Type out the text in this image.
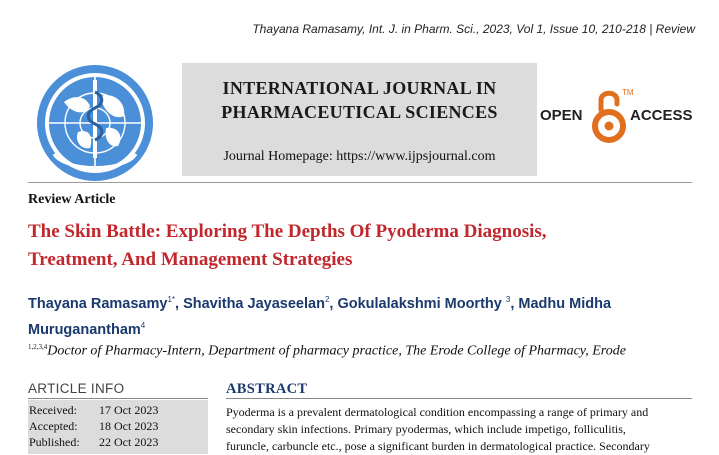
Thayana Ramasamy, Int. J. in Pharm. Sci., 2023, Vol 1, Issue 10, 210-218 | Review
INTERNATIONAL JOURNAL IN
PHARMACEUTICAL SCIENCES
Journal Homepage: https://www.ijpsjournal.com
OPEN
TM
ACCESS
Review Article
The Skin Battle: Exploring The Depths Of Pyoderma Diagnosis,
Treatment, And Management Strategies
Thayana Ramasamy$^{1*}$, Shavitha Jayaseelan$^2$, Gokulalakshmi Moorthy $^3$, Madhu Midha Muruganantham$^4$
$^{1,2,3,4}$Doctor of Pharmacy-Intern, Department of pharmacy practice, The Erode College of Pharmacy, Erode
ARTICLE INFO
Received: 17 Oct 2023
Accepted: 18 Oct 2023
Published: 22 Oct 2023
ABSTRACT
Pyoderma is a prevalent dermatological condition encompassing a range of primary and
secondary skin infections. Primary pyodermas, which include impetigo, folliculitis,
furuncle, carbuncle etc., pose a significant burden in dermatological practice. Secondary
